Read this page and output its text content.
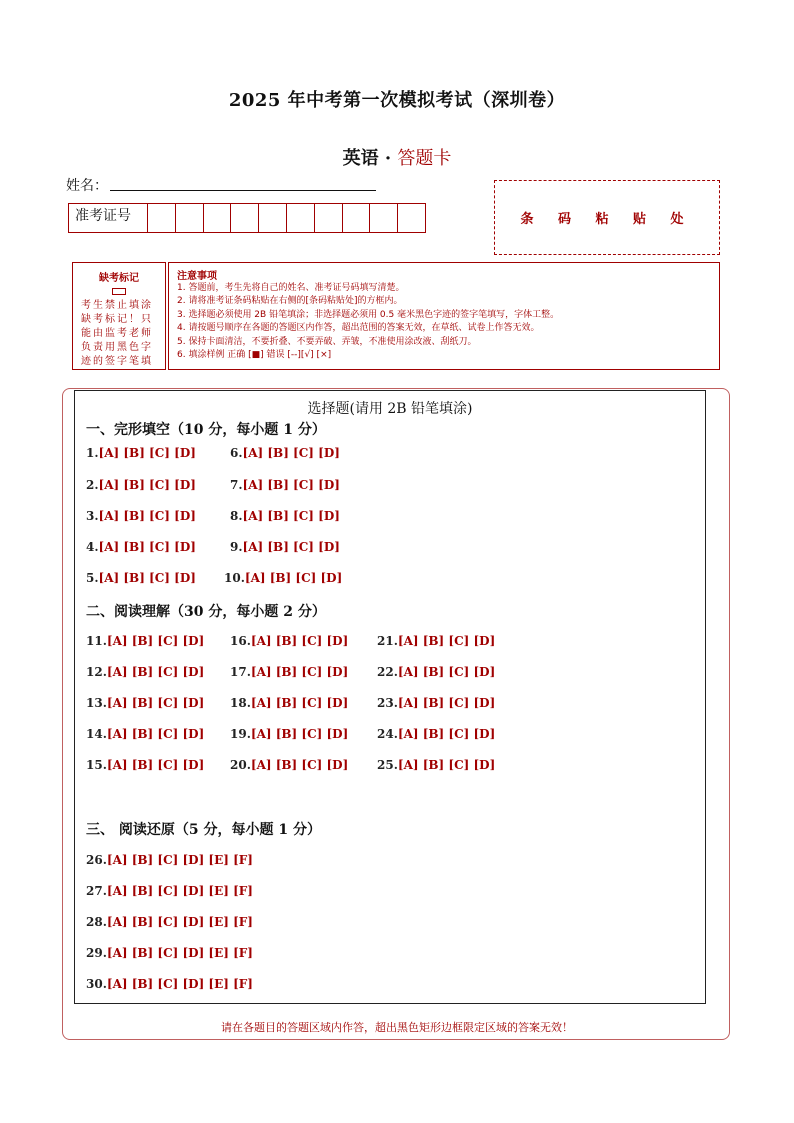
2025 年中考第一次模拟考试（深圳卷）
英语 · 答题卡
姓名：
准考证号	条 码 粘 贴 处
缺考标记
考生禁止填涂缺考标记！只能由监考老师负责用黑色字迹的签字笔填
注意事项
1. 答题前，考生先将自己的姓名、准考证号码填写清楚。
2. 请将准考证条码粘贴在右侧的[条码粘贴处]的方框内。
3. 选择题必须使用 2B 铅笔填涂；非选择题必须用 0.5 毫米黑色字迹的签字笔填写，字体工整。
4. 请按题号顺序在各题的答题区内作答，超出范围的答案无效，在草纸、试卷上作答无效。
5. 保持卡面清洁，不要折叠、不要弄破、弄皱，不准使用涂改液、刮纸刀。
6. 填涂样例 正确 [■] 错误 [--][√] [×]
选择题(请用 2B 铅笔填涂)
一、完形填空（10 分，每小题 1 分）
二、阅读理解（30 分，每小题 2 分）
三、 阅读还原（5 分，每小题 1 分）
1.[A] [B] [C] [D]
2.[A] [B] [C] [D]
3.[A] [B] [C] [D]
4.[A] [B] [C] [D]
5.[A] [B] [C] [D]
6.[A] [B] [C] [D]
7.[A] [B] [C] [D]
8.[A] [B] [C] [D]
9.[A] [B] [C] [D]
10.[A] [B] [C] [D]
11.[A] [B] [C] [D]
12.[A] [B] [C] [D]
13.[A] [B] [C] [D]
14.[A] [B] [C] [D]
15.[A] [B] [C] [D]
16.[A] [B] [C] [D]
17.[A] [B] [C] [D]
18.[A] [B] [C] [D]
19.[A] [B] [C] [D]
20.[A] [B] [C] [D]
21.[A] [B] [C] [D]
22.[A] [B] [C] [D]
23.[A] [B] [C] [D]
24.[A] [B] [C] [D]
25.[A] [B] [C] [D]
26.[A] [B] [C] [D] [E] [F]
27.[A] [B] [C] [D] [E] [F]
28.[A] [B] [C] [D] [E] [F]
29.[A] [B] [C] [D] [E] [F]
30.[A] [B] [C] [D] [E] [F]
请在各题目的答题区域内作答，超出黑色矩形边框限定区域的答案无效！
